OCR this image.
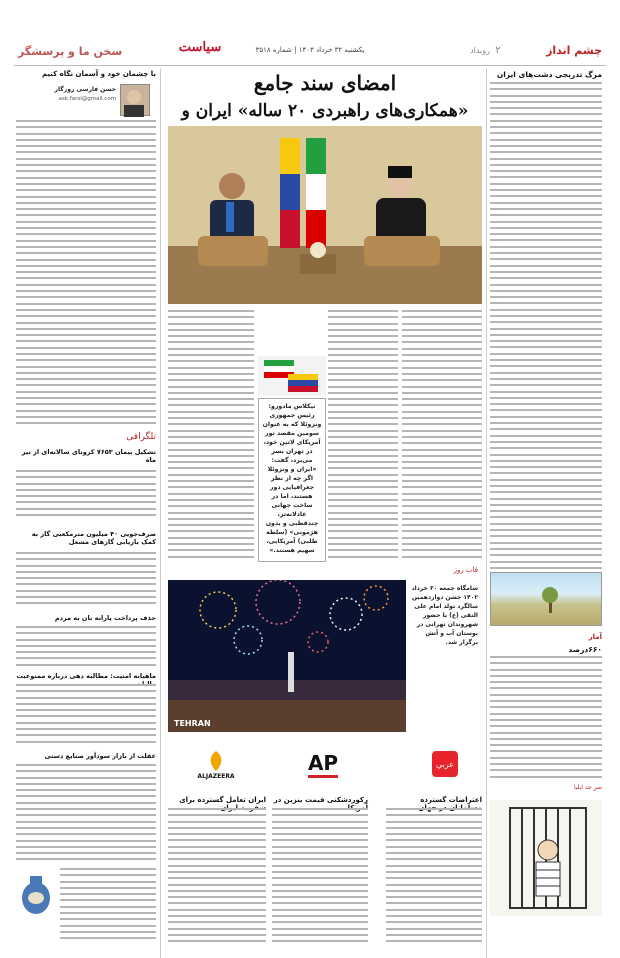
چشم انداز
۲
رویداد
سیاست	یکشنبه ۳۲ خرداد ۱۴۰۳ | شماره ۳۵۱۸
سخن ما و پرسشگر
مرگ تدریجی دشت‌های ایران
آمار
۶۶۰درصد
سر جد ایلیا
امضای سند جامع
«همکاری‌های راهبردی ۲۰ ساله» ایران و
نیکلاس مادورو: رئیس جمهوری ونزوئلا که به عنوان سومین مقصد تور آمریکای لاتین خود، در تهران بسر می‌برد، گفت: «ایران و ونزوئلا اگر چه از نظر جغرافیایی دور هستند، اما در ساخت جهانی عادلانه‌تر، چندقطبی و بدون هژمونی» (سلطه طلبی) آمریکایی، سهیم هستند.»
قاب روز
TEHRAN
شامگاه جمعه ۳۰ خرداد ۱۴۰۲ جشن دوازدهمین سالگرد تولد امام علی النقی (ع) با حضور شهروندان تهرانی در بوستان آب و آتش برگزار شد.
عربي
AP
ALJAZEERA
اعتراضات گسترده
رکوردشکنی قیمت بنزین در
ایران تعامل گسترده برای
با چشمان خود و آسمان نگاه کنیم
حسن فارسی روزگار
ask.farsi@gmail.com
تلگرافی
تشکیل پیمان ۷۶۵۳ کرونای سالانه‌ای از تیر ماه
صرف‌جویی ۴۰ میلیون مترمکعبی گاز به کمک بازیابی گازهای مشعل
حذف پرداخت یارانه نان به مردم
ماهیانه امنیت: مطالبه دهی درباره ممنوعیت
غفلت از بازار سودآور صنایع دستی
